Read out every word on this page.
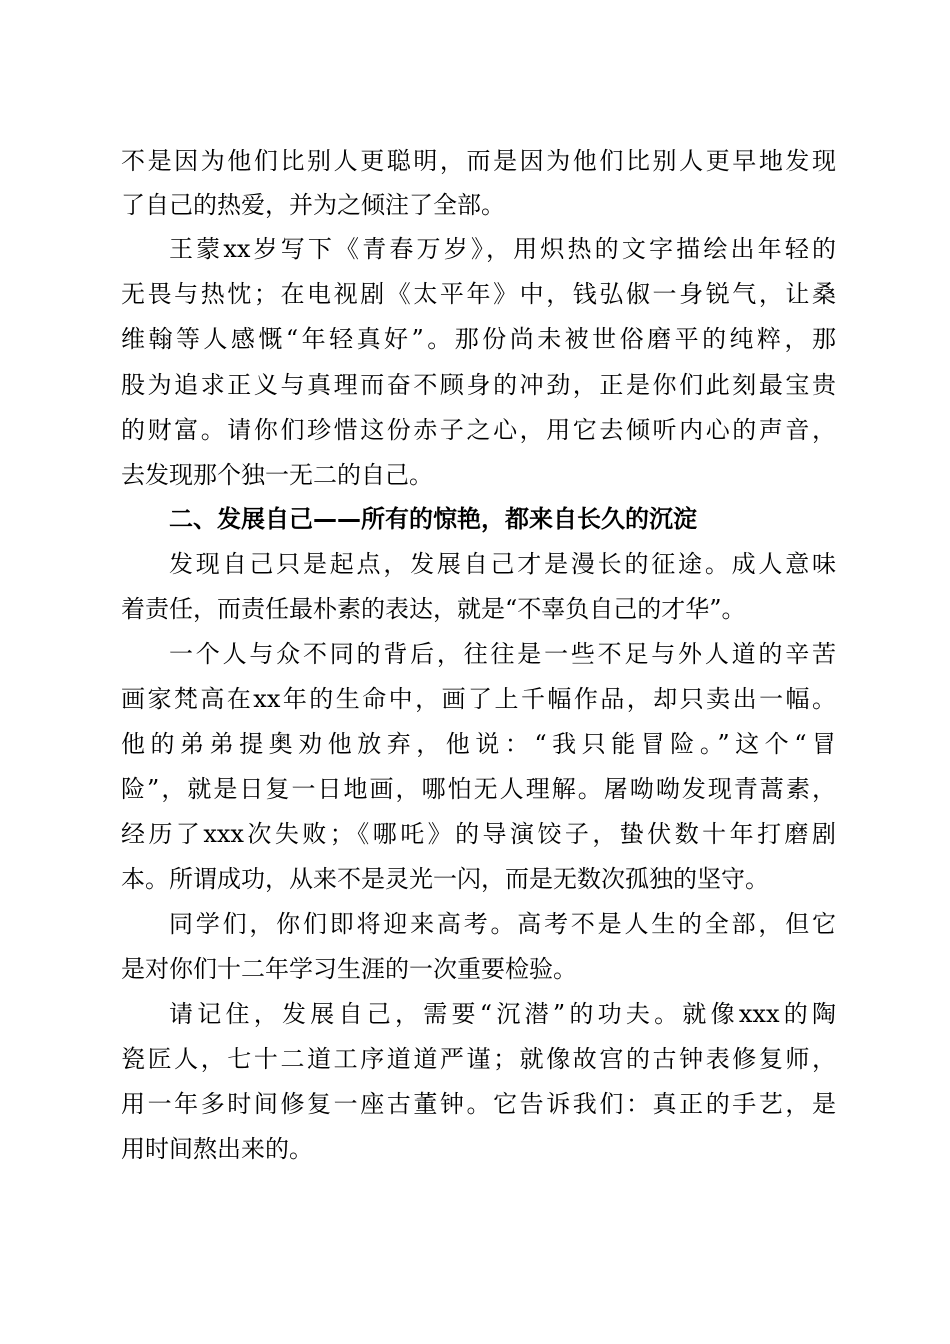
不是因为他们比别人更聪明，而是因为他们比别人更早地发现

了自己的热爱，并为之倾注了全部。

王蒙xx岁写下《青春万岁》，用炽热的文字描绘出年轻的

无畏与热忱；在电视剧《太平年》中，钱弘俶一身锐气，让桑

维翰等人感慨“年轻真好”。那份尚未被世俗磨平的纯粹，那

股为追求正义与真理而奋不顾身的冲劲，正是你们此刻最宝贵

的财富。请你们珍惜这份赤子之心，用它去倾听内心的声音，

去发现那个独一无二的自己。

二、发展自己——所有的惊艳，都来自长久的沉淀

发现自己只是起点，发展自己才是漫长的征途。成人意味

着责任，而责任最朴素的表达，就是“不辜负自己的才华”。

一个人与众不同的背后，往往是一些不足与外人道的辛苦

画家梵高在xx年的生命中，画了上千幅作品，却只卖出一幅。

他的弟弟提奥劝他放弃，他说：“我只能冒险。”这个“冒

险”，就是日复一日地画，哪怕无人理解。屠呦呦发现青蒿素，

经历了xxx次失败；《哪吒》的导演饺子，蛰伏数十年打磨剧

本。所谓成功，从来不是灵光一闪，而是无数次孤独的坚守。

同学们，你们即将迎来高考。高考不是人生的全部，但它

是对你们十二年学习生涯的一次重要检验。

请记住，发展自己，需要“沉潜”的功夫。就像xxx的陶

瓷匠人，七十二道工序道道严谨；就像故宫的古钟表修复师，

用一年多时间修复一座古董钟。它告诉我们：真正的手艺，是

用时间熬出来的。
